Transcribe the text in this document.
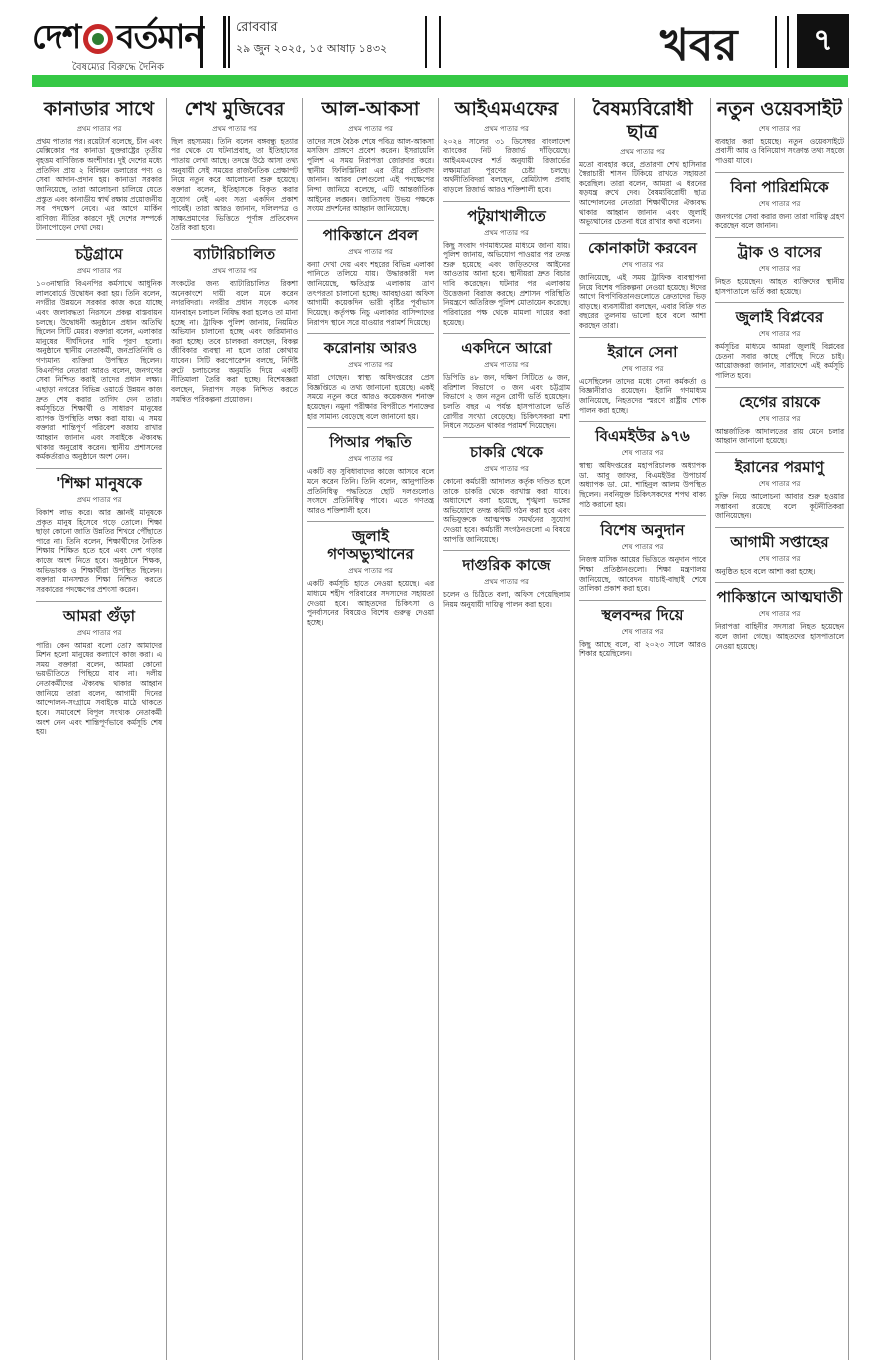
দেশ বর্তমান
বৈষম্যের বিরুদ্ধে দৈনিক
রোববার
২৯ জুন ২০২৫, ১৫ আষাঢ় ১৪৩২	খবর	৭
কানাডার সাথে
প্রথম পাতার পর

প্রথম পাতার পর। রয়েটার্স বলেছে, চীন এবং মেক্সিকোর পর কানাডা যুক্তরাষ্ট্রের তৃতীয় বৃহত্তম বাণিজ্যিক অংশীদার। দুই দেশের মধ্যে প্রতিদিন প্রায় ২ বিলিয়ন ডলারের পণ্য ও সেবা আদান-প্রদান হয়। কানাডা সরকার জানিয়েছে, তারা আলোচনা চালিয়ে যেতে প্রস্তুত এবং কানাডীয় স্বার্থ রক্ষায় প্রয়োজনীয় সব পদক্ষেপ নেবে। এর আগে মার্কিন বাণিজ্য নীতির কারণে দুই দেশের সম্পর্কে টানাপোড়েন দেখা দেয়।

চট্টগ্রামে
প্রথম পাতার পর

১০৩নাম্বারি বিএনপির কর্মসাথে আধুনিক লালবোর্ডে উদ্বোধন করা হয়। তিনি বলেন, নগরীর উন্নয়নে সরকার কাজ করে যাচ্ছে এবং জলাবদ্ধতা নিরসনে প্রকল্প বাস্তবায়ন চলছে। উদ্বোধনী অনুষ্ঠানে প্রধান অতিথি ছিলেন সিটি মেয়র। বক্তারা বলেন, এলাকার মানুষের দীর্ঘদিনের দাবি পূরণ হলো। অনুষ্ঠানে স্থানীয় নেতাকর্মী, জনপ্রতিনিধি ও গণ্যমান্য ব্যক্তিরা উপস্থিত ছিলেন। বিএনপির নেতারা আরও বলেন, জনগণের সেবা নিশ্চিত করাই তাদের প্রধান লক্ষ্য। এছাড়া নগরের বিভিন্ন ওয়ার্ডে উন্নয়ন কাজ দ্রুত শেষ করার তাগিদ দেন তারা। কর্মসূচিতে শিক্ষার্থী ও সাধারণ মানুষের ব্যাপক উপস্থিতি লক্ষ্য করা যায়। এ সময় বক্তারা শান্তিপূর্ণ পরিবেশ বজায় রাখার আহ্বান জানান এবং সবাইকে ঐক্যবদ্ধ থাকার অনুরোধ করেন। স্থানীয় প্রশাসনের কর্মকর্তারাও অনুষ্ঠানে অংশ নেন।

'শিক্ষা মানুষকে
প্রথম পাতার পর

বিকাশ লাভ করে। আর জ্ঞানই মানুষকে প্রকৃত মানুষ হিসেবে গড়ে তোলে। শিক্ষা ছাড়া কোনো জাতি উন্নতির শিখরে পৌঁছাতে পারে না। তিনি বলেন, শিক্ষার্থীদের নৈতিক শিক্ষায় শিক্ষিত হতে হবে এবং দেশ গড়ার কাজে অংশ নিতে হবে। অনুষ্ঠানে শিক্ষক, অভিভাবক ও শিক্ষার্থীরা উপস্থিত ছিলেন। বক্তারা মানসম্মত শিক্ষা নিশ্চিত করতে সরকারের পদক্ষেপের প্রশংসা করেন।

আমরা গুঁড়া
প্রথম পাতার পর

পারি। কেন আমরা বলো তো? আমাদের মিশন হলো মানুষের কল্যাণে কাজ করা। এ সময় বক্তারা বলেন, আমরা কোনো ভয়ভীতিতে পিছিয়ে যাব না। দলীয় নেতাকর্মীদের ঐক্যবদ্ধ থাকার আহ্বান জানিয়ে তারা বলেন, আগামী দিনের আন্দোলন-সংগ্রামে সবাইকে মাঠে থাকতে হবে। সমাবেশে বিপুল সংখ্যক নেতাকর্মী অংশ নেন এবং শান্তিপূর্ণভাবে কর্মসূচি শেষ হয়।

শেখ মুজিবের
প্রথম পাতার পর

ছিল রহস্যময়। তিনি বলেন বঙ্গবন্ধু হত্যার পর থেকে যে ঘটনাপ্রবাহ, তা ইতিহাসের পাতায় লেখা আছে। তদন্তে উঠে আসা তথ্য অনুযায়ী সেই সময়ের রাজনৈতিক প্রেক্ষাপট নিয়ে নতুন করে আলোচনা শুরু হয়েছে। বক্তারা বলেন, ইতিহাসকে বিকৃত করার সুযোগ নেই এবং সত্য একদিন প্রকাশ পাবেই। তারা আরও জানান, দলিলপত্র ও সাক্ষ্যপ্রমাণের ভিত্তিতে পূর্ণাঙ্গ প্রতিবেদন তৈরি করা হবে।

ব্যাটারিচালিত
প্রথম পাতার পর

সংকটের জন্য ব্যাটারিচালিত রিকশা অনেকাংশে দায়ী বলে মনে করেন নগরবিদরা। নগরীর প্রধান সড়কে এসব যানবাহন চলাচল নিষিদ্ধ করা হলেও তা মানা হচ্ছে না। ট্রাফিক পুলিশ জানায়, নিয়মিত অভিযান চালানো হচ্ছে এবং জরিমানাও করা হচ্ছে। তবে চালকরা বলছেন, বিকল্প জীবিকার ব্যবস্থা না হলে তারা কোথায় যাবেন। সিটি করপোরেশন বলছে, নির্দিষ্ট রুটে চলাচলের অনুমতি দিয়ে একটি নীতিমালা তৈরি করা হচ্ছে। বিশেষজ্ঞরা বলছেন, নিরাপদ সড়ক নিশ্চিত করতে সমন্বিত পরিকল্পনা প্রয়োজন।

আল-আকসা
প্রথম পাতার পর

তাদের সঙ্গে বৈঠক শেষে পবিত্র আল-আকসা মসজিদ প্রাঙ্গণে প্রবেশ করেন। ইসরায়েলি পুলিশ এ সময় নিরাপত্তা জোরদার করে। স্থানীয় ফিলিস্তিনিরা এর তীব্র প্রতিবাদ জানান। আরব দেশগুলো এই পদক্ষেপের নিন্দা জানিয়ে বলেছে, এটি আন্তর্জাতিক আইনের লঙ্ঘন। জাতিসংঘ উভয় পক্ষকে সংযম প্রদর্শনের আহ্বান জানিয়েছে।

পাকিস্তানে প্রবল
প্রথম পাতার পর

বন্যা দেখা দেয় এবং শহরের বিভিন্ন এলাকা পানিতে তলিয়ে যায়। উদ্ধারকারী দল জানিয়েছে, ক্ষতিগ্রস্ত এলাকায় ত্রাণ তৎপরতা চালানো হচ্ছে। আবহাওয়া অফিস আগামী কয়েকদিন ভারী বৃষ্টির পূর্বাভাস দিয়েছে। কর্তৃপক্ষ নিচু এলাকার বাসিন্দাদের নিরাপদ স্থানে সরে যাওয়ার পরামর্শ দিয়েছে।

করোনায় আরও
প্রথম পাতার পর

মারা গেছেন। স্বাস্থ্য অধিদপ্তরের প্রেস বিজ্ঞপ্তিতে এ তথ্য জানানো হয়েছে। একই সময়ে নতুন করে আরও কয়েকজন শনাক্ত হয়েছেন। নমুনা পরীক্ষার বিপরীতে শনাক্তের হার সামান্য বেড়েছে বলে জানানো হয়।

পিআর পদ্ধতি
প্রথম পাতার পর

একটি বড় সুবিধাবাদের কাজে আসবে বলে মনে করেন তিনি। তিনি বলেন, আনুপাতিক প্রতিনিধিত্ব পদ্ধতিতে ছোট দলগুলোও সংসদে প্রতিনিধিত্ব পাবে। এতে গণতন্ত্র আরও শক্তিশালী হবে।

জুলাই গণঅভ্যুত্থানের
প্রথম পাতার পর

একটি কর্মসূচি হাতে নেওয়া হয়েছে। এর মাধ্যমে শহীদ পরিবারের সদস্যদের সহায়তা দেওয়া হবে। আহতদের চিকিৎসা ও পুনর্বাসনের বিষয়েও বিশেষ গুরুত্ব দেওয়া হচ্ছে।

আইএমএফের
প্রথম পাতার পর

২০২৪ সালের ৩১ ডিসেম্বর বাংলাদেশ ব্যাংকের নিট রিজার্ভ দাঁড়িয়েছে। আইএমএফের শর্ত অনুযায়ী রিজার্ভের লক্ষ্যমাত্রা পূরণের চেষ্টা চলছে। অর্থনীতিবিদরা বলছেন, রেমিট্যান্স প্রবাহ বাড়লে রিজার্ভ আরও শক্তিশালী হবে।

পটুয়াখালীতে
প্রথম পাতার পর

কিছু সংবাদ গণমাধ্যমের মাধ্যমে জানা যায়। পুলিশ জানায়, অভিযোগ পাওয়ার পর তদন্ত শুরু হয়েছে এবং জড়িতদের আইনের আওতায় আনা হবে। স্থানীয়রা দ্রুত বিচার দাবি করেছেন। ঘটনার পর এলাকায় উত্তেজনা বিরাজ করছে। প্রশাসন পরিস্থিতি নিয়ন্ত্রণে অতিরিক্ত পুলিশ মোতায়েন করেছে। পরিবারের পক্ষ থেকে মামলা দায়ের করা হয়েছে।

একদিনে আরো
প্রথম পাতার পর

ডিপিডি ৪৮ জন, দক্ষিণ সিটিতে ৬ জন, বরিশাল বিভাগে ৩ জন এবং চট্টগ্রাম বিভাগে ২ জন নতুন রোগী ভর্তি হয়েছেন। চলতি বছর এ পর্যন্ত হাসপাতালে ভর্তি রোগীর সংখ্যা বেড়েছে। চিকিৎসকরা মশা নিধনে সচেতন থাকার পরামর্শ দিয়েছেন।

চাকরি থেকে
প্রথম পাতার পর

কোনো কর্মচারী আদালত কর্তৃক দণ্ডিত হলে তাকে চাকরি থেকে বরখাস্ত করা যাবে। অধ্যাদেশে বলা হয়েছে, শৃঙ্খলা ভঙ্গের অভিযোগে তদন্ত কমিটি গঠন করা হবে এবং অভিযুক্তকে আত্মপক্ষ সমর্থনের সুযোগ দেওয়া হবে। কর্মচারী সংগঠনগুলো এ বিষয়ে আপত্তি জানিয়েছে।

দাগুরিক কাজে
প্রথম পাতার পর

চলেন ও চিঠিতে বলা, অফিস পেয়েছিলাম নিয়ম অনুযায়ী দায়িত্ব পালন করা হবে।

বৈষম্যবিরোধী ছাত্র
প্রথম পাতার পর

মতো ব্যবহার করে, প্রতারণা শেখ হাসিনার স্বৈরাচারী শাসন টিকিয়ে রাখতে সহায়তা করেছিল। তারা বলেন, আমরা এ ধরনের ষড়যন্ত্র রুখে দেব। বৈষম্যবিরোধী ছাত্র আন্দোলনের নেতারা শিক্ষার্থীদের ঐক্যবদ্ধ থাকার আহ্বান জানান এবং জুলাই অভ্যুত্থানের চেতনা ধরে রাখার কথা বলেন।

কোনাকাটা করবেন
শেষ পাতার পর

জানিয়েছে, এই সময় ট্রাফিক ব্যবস্থাপনা নিয়ে বিশেষ পরিকল্পনা নেওয়া হয়েছে। ঈদের আগে বিপণিবিতানগুলোতে ক্রেতাদের ভিড় বাড়ছে। ব্যবসায়ীরা বলছেন, এবার বিক্রি গত বছরের তুলনায় ভালো হবে বলে আশা করছেন তারা।

ইরানে সেনা
শেষ পাতার পর

এসেছিলেন তাদের মধ্যে সেনা কর্মকর্তা ও বিজ্ঞানীরাও রয়েছেন। ইরানি গণমাধ্যম জানিয়েছে, নিহতদের স্মরণে রাষ্ট্রীয় শোক পালন করা হচ্ছে।

বিএমইউর ৯৭৬
শেষ পাতার পর

স্বাস্থ্য অধিদপ্তরের মহাপরিচালক অধ্যাপক ডা. আবু জাফর, বিএমইউর উপাচার্য অধ্যাপক ডা. মো. শাহিনুল আলম উপস্থিত ছিলেন। নবনিযুক্ত চিকিৎসকদের শপথ বাক্য পাঠ করানো হয়।

বিশেষ অনুদান
শেষ পাতার পর

নিজস্ব মাসিক আয়ের ভিত্তিতে অনুদান পাবে শিক্ষা প্রতিষ্ঠানগুলো। শিক্ষা মন্ত্রণালয় জানিয়েছে, আবেদন যাচাই-বাছাই শেষে তালিকা প্রকাশ করা হবে।

স্থলবন্দর দিয়ে
শেষ পাতার পর

কিছু আছে বলে, বা ২০২৩ সালে আরও শিকার হয়েছিলেন।

নতুন ওয়েবসাইট
শেষ পাতার পর

ব্যবহার করা হয়েছে। নতুন ওয়েবসাইটে প্রবাসী আয় ও বিনিয়োগ সংক্রান্ত তথ্য সহজে পাওয়া যাবে।

বিনা পারিশ্রমিকে
শেষ পাতার পর

জনগণের সেবা করার জন্য তারা দায়িত্ব গ্রহণ করেছেন বলে জানান।

ট্রাক ও বাসের
শেষ পাতার পর

নিহত হয়েছেন। আহত ব্যক্তিদের স্থানীয় হাসপাতালে ভর্তি করা হয়েছে।

জুলাই বিপ্লবের
শেষ পাতার পর

কর্মসূচির মাধ্যমে আমরা জুলাই বিপ্লবের চেতনা সবার কাছে পৌঁছে দিতে চাই। আয়োজকরা জানান, সারাদেশে এই কর্মসূচি পালিত হবে।

হেগের রায়কে
শেষ পাতার পর

আন্তর্জাতিক আদালতের রায় মেনে চলার আহ্বান জানানো হয়েছে।

ইরানের পরমাণু
শেষ পাতার পর

চুক্তি নিয়ে আলোচনা আবার শুরু হওয়ার সম্ভাবনা রয়েছে বলে কূটনীতিকরা জানিয়েছেন।

আগামী সপ্তাহের
শেষ পাতার পর

অনুষ্ঠিত হবে বলে আশা করা হচ্ছে।

পাকিস্তানে আত্মঘাতী
শেষ পাতার পর

নিরাপত্তা বাহিনীর সদস্যরা নিহত হয়েছেন বলে জানা গেছে। আহতদের হাসপাতালে নেওয়া হয়েছে।
